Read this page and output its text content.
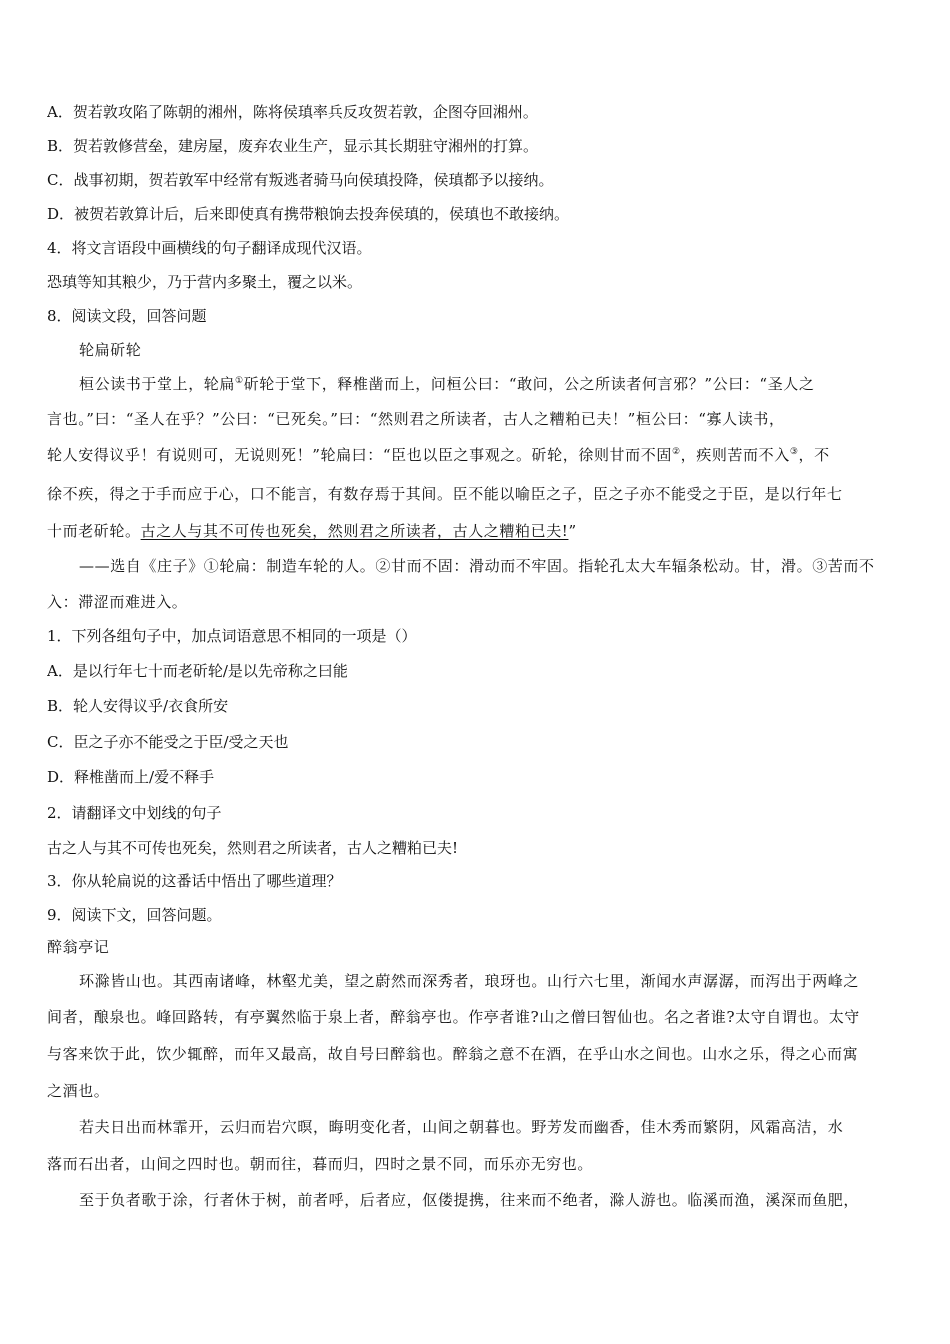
A．贺若敦攻陷了陈朝的湘州，陈将侯瑱率兵反攻贺若敦，企图夺回湘州。
B．贺若敦修营垒，建房屋，废弃农业生产，显示其长期驻守湘州的打算。
C．战事初期，贺若敦军中经常有叛逃者骑马向侯瑱投降，侯瑱都予以接纳。
D．被贺若敦算计后，后来即使真有携带粮饷去投奔侯瑱的，侯瑱也不敢接纳。
4．将文言语段中画横线的句子翻译成现代汉语。
恐瑱等知其粮少，乃于营内多聚土，覆之以米。
8．阅读文段，回答问题
轮扁斫轮
桓公读书于堂上，轮扁①斫轮于堂下，释椎凿而上，问桓公曰：“敢问，公之所读者何言邪？”公曰：“圣人之
言也。”曰：“圣人在乎？”公曰：“已死矣。”曰：“然则君之所读者，古人之糟粕已夫！”桓公曰：“寡人读书，
轮人安得议乎！有说则可，无说则死！”轮扁曰：“臣也以臣之事观之。斫轮，徐则甘而不固②，疾则苦而不入③，不
徐不疾，得之于手而应于心，口不能言，有数存焉于其间。臣不能以喻臣之子，臣之子亦不能受之于臣，是以行年七
十而老斫轮。古之人与其不可传也死矣，然则君之所读者，古人之糟粕已夫!”
——选自《庄子》①轮扁：制造车轮的人。②甘而不固：滑动而不牢固。指轮孔太大车辐条松动。甘，滑。③苦而不
入：滞涩而难进入。
1．下列各组句子中，加点词语意思不相同的一项是（）
A．是以行年七十而老斫轮/是以先帝称之曰能
B．轮人安得议乎/衣食所安
C．臣之子亦不能受之于臣/受之天也
D．释椎凿而上/爱不释手
2．请翻译文中划线的句子
古之人与其不可传也死矣，然则君之所读者，古人之糟粕已夫!
3．你从轮扁说的这番话中悟出了哪些道理？
9．阅读下文，回答问题。
醉翁亭记
环滁皆山也。其西南诸峰，林壑尤美，望之蔚然而深秀者，琅玡也。山行六七里，渐闻水声潺潺，而泻出于两峰之
间者，酿泉也。峰回路转，有亭翼然临于泉上者，醉翁亭也。作亭者谁?山之僧曰智仙也。名之者谁?太守自谓也。太守
与客来饮于此，饮少辄醉，而年又最高，故自号曰醉翁也。醉翁之意不在酒，在乎山水之间也。山水之乐，得之心而寓
之酒也。
若夫日出而林霏开，云归而岩穴暝，晦明变化者，山间之朝暮也。野芳发而幽香，佳木秀而繁阴，风霜高洁，水
落而石出者，山间之四时也。朝而往，暮而归，四时之景不同，而乐亦无穷也。
至于负者歌于涂，行者休于树，前者呼，后者应，伛偻提携，往来而不绝者，滁人游也。临溪而渔，溪深而鱼肥，
